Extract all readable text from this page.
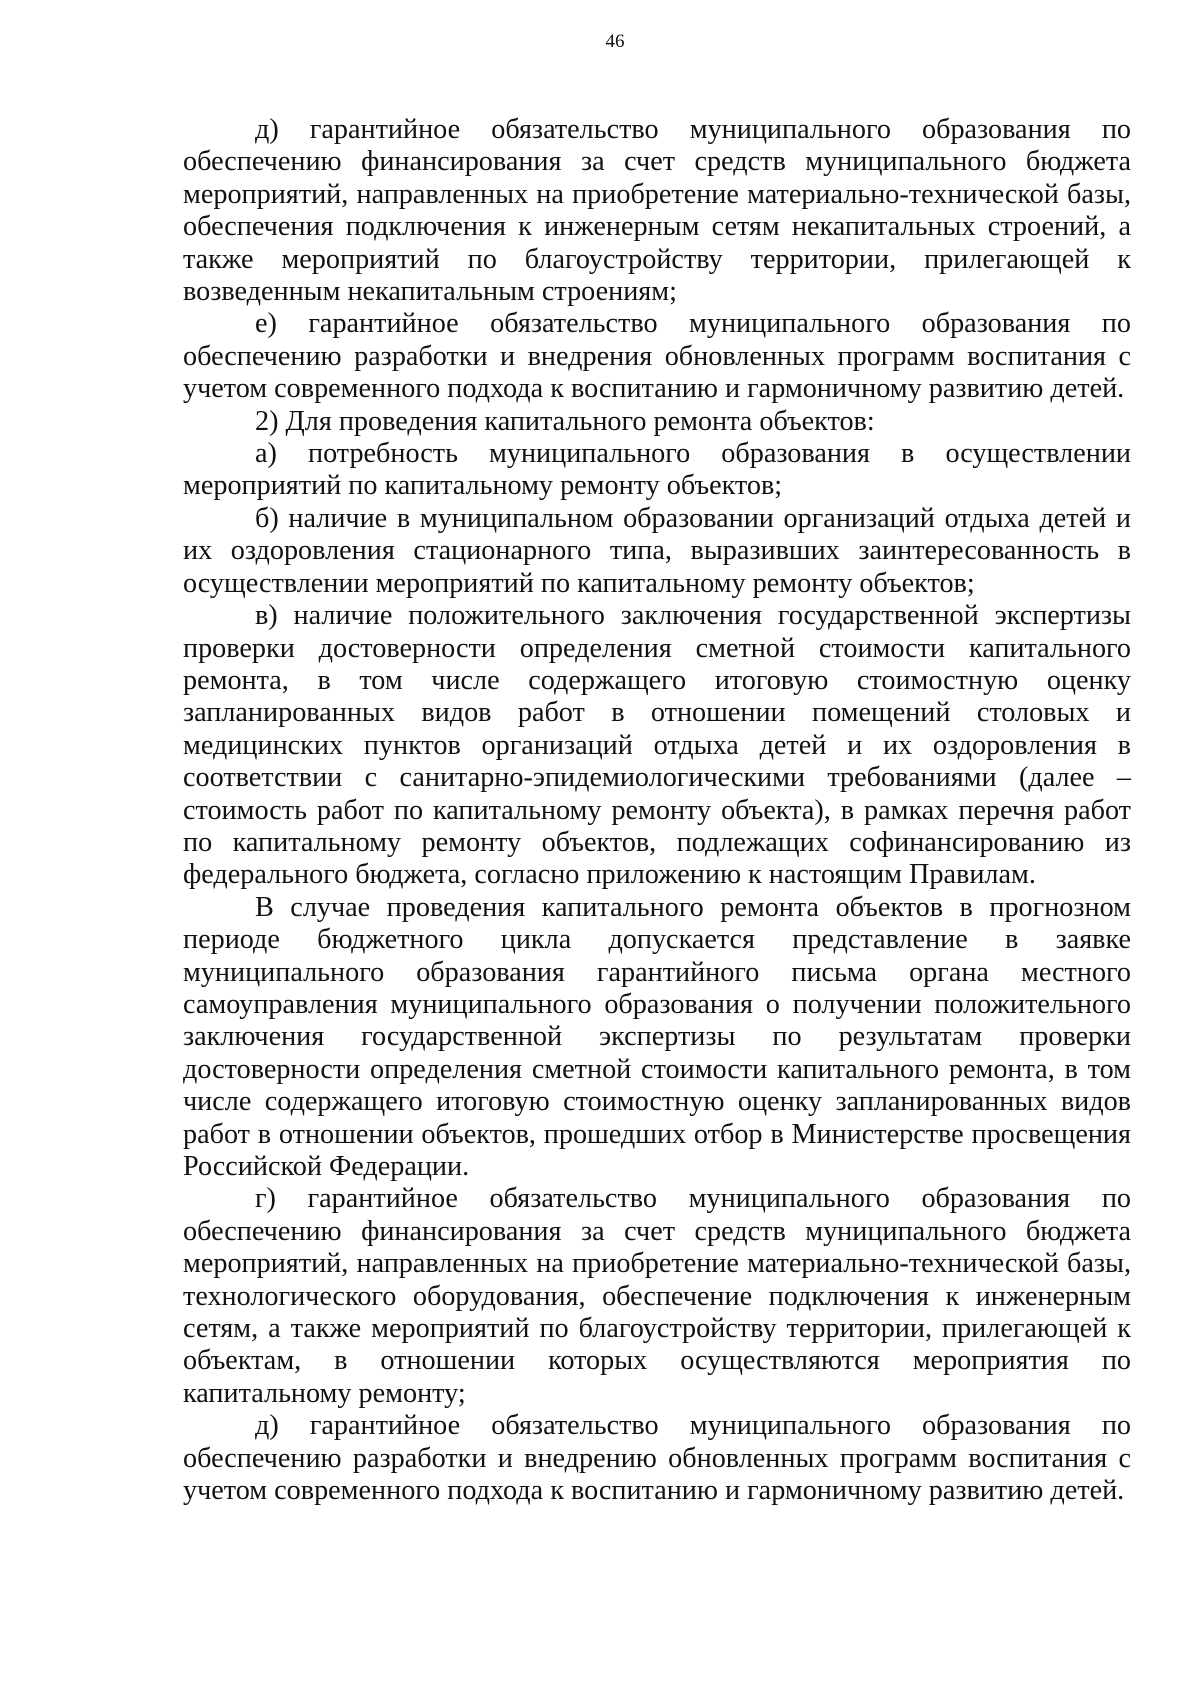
46

д) гарантийное обязательство муниципального образования по обеспечению финансирования за счет средств муниципального бюджета мероприятий, направленных на приобретение материально-технической базы, обеспечения подключения к инженерным сетям некапитальных строений, а также мероприятий по благоустройству территории, прилегающей к возведенным некапитальным строениям;

е) гарантийное обязательство муниципального образования по обеспечению разработки и внедрения обновленных программ воспитания с учетом современного подхода к воспитанию и гармоничному развитию детей.

2) Для проведения капитального ремонта объектов:

а) потребность муниципального образования в осуществлении мероприятий по капитальному ремонту объектов;

б) наличие в муниципальном образовании организаций отдыха детей и их оздоровления стационарного типа, выразивших заинтересованность в осуществлении мероприятий по капитальному ремонту объектов;

в) наличие положительного заключения государственной экспертизы проверки достоверности определения сметной стоимости капитального ремонта, в том числе содержащего итоговую стоимостную оценку запланированных видов работ в отношении помещений столовых и медицинских пунктов организаций отдыха детей и их оздоровления в соответствии с санитарно-эпидемиологическими требованиями (далее – стоимость работ по капитальному ремонту объекта), в рамках перечня работ по капитальному ремонту объектов, подлежащих софинансированию из федерального бюджета, согласно приложению к настоящим Правилам.

В случае проведения капитального ремонта объектов в прогнозном периоде бюджетного цикла допускается представление в заявке муниципального образования гарантийного письма органа местного самоуправления муниципального образования о получении положительного заключения государственной экспертизы по результатам проверки достоверности определения сметной стоимости капитального ремонта, в том числе содержащего итоговую стоимостную оценку запланированных видов работ в отношении объектов, прошедших отбор в Министерстве просвещения Российской Федерации.

г) гарантийное обязательство муниципального образования по обеспечению финансирования за счет средств муниципального бюджета мероприятий, направленных на приобретение материально-технической базы, технологического оборудования, обеспечение подключения к инженерным сетям, а также мероприятий по благоустройству территории, прилегающей к объектам, в отношении которых осуществляются мероприятия по капитальному ремонту;

д) гарантийное обязательство муниципального образования по обеспечению разработки и внедрению обновленных программ воспитания с учетом современного подхода к воспитанию и гармоничному развитию детей.
